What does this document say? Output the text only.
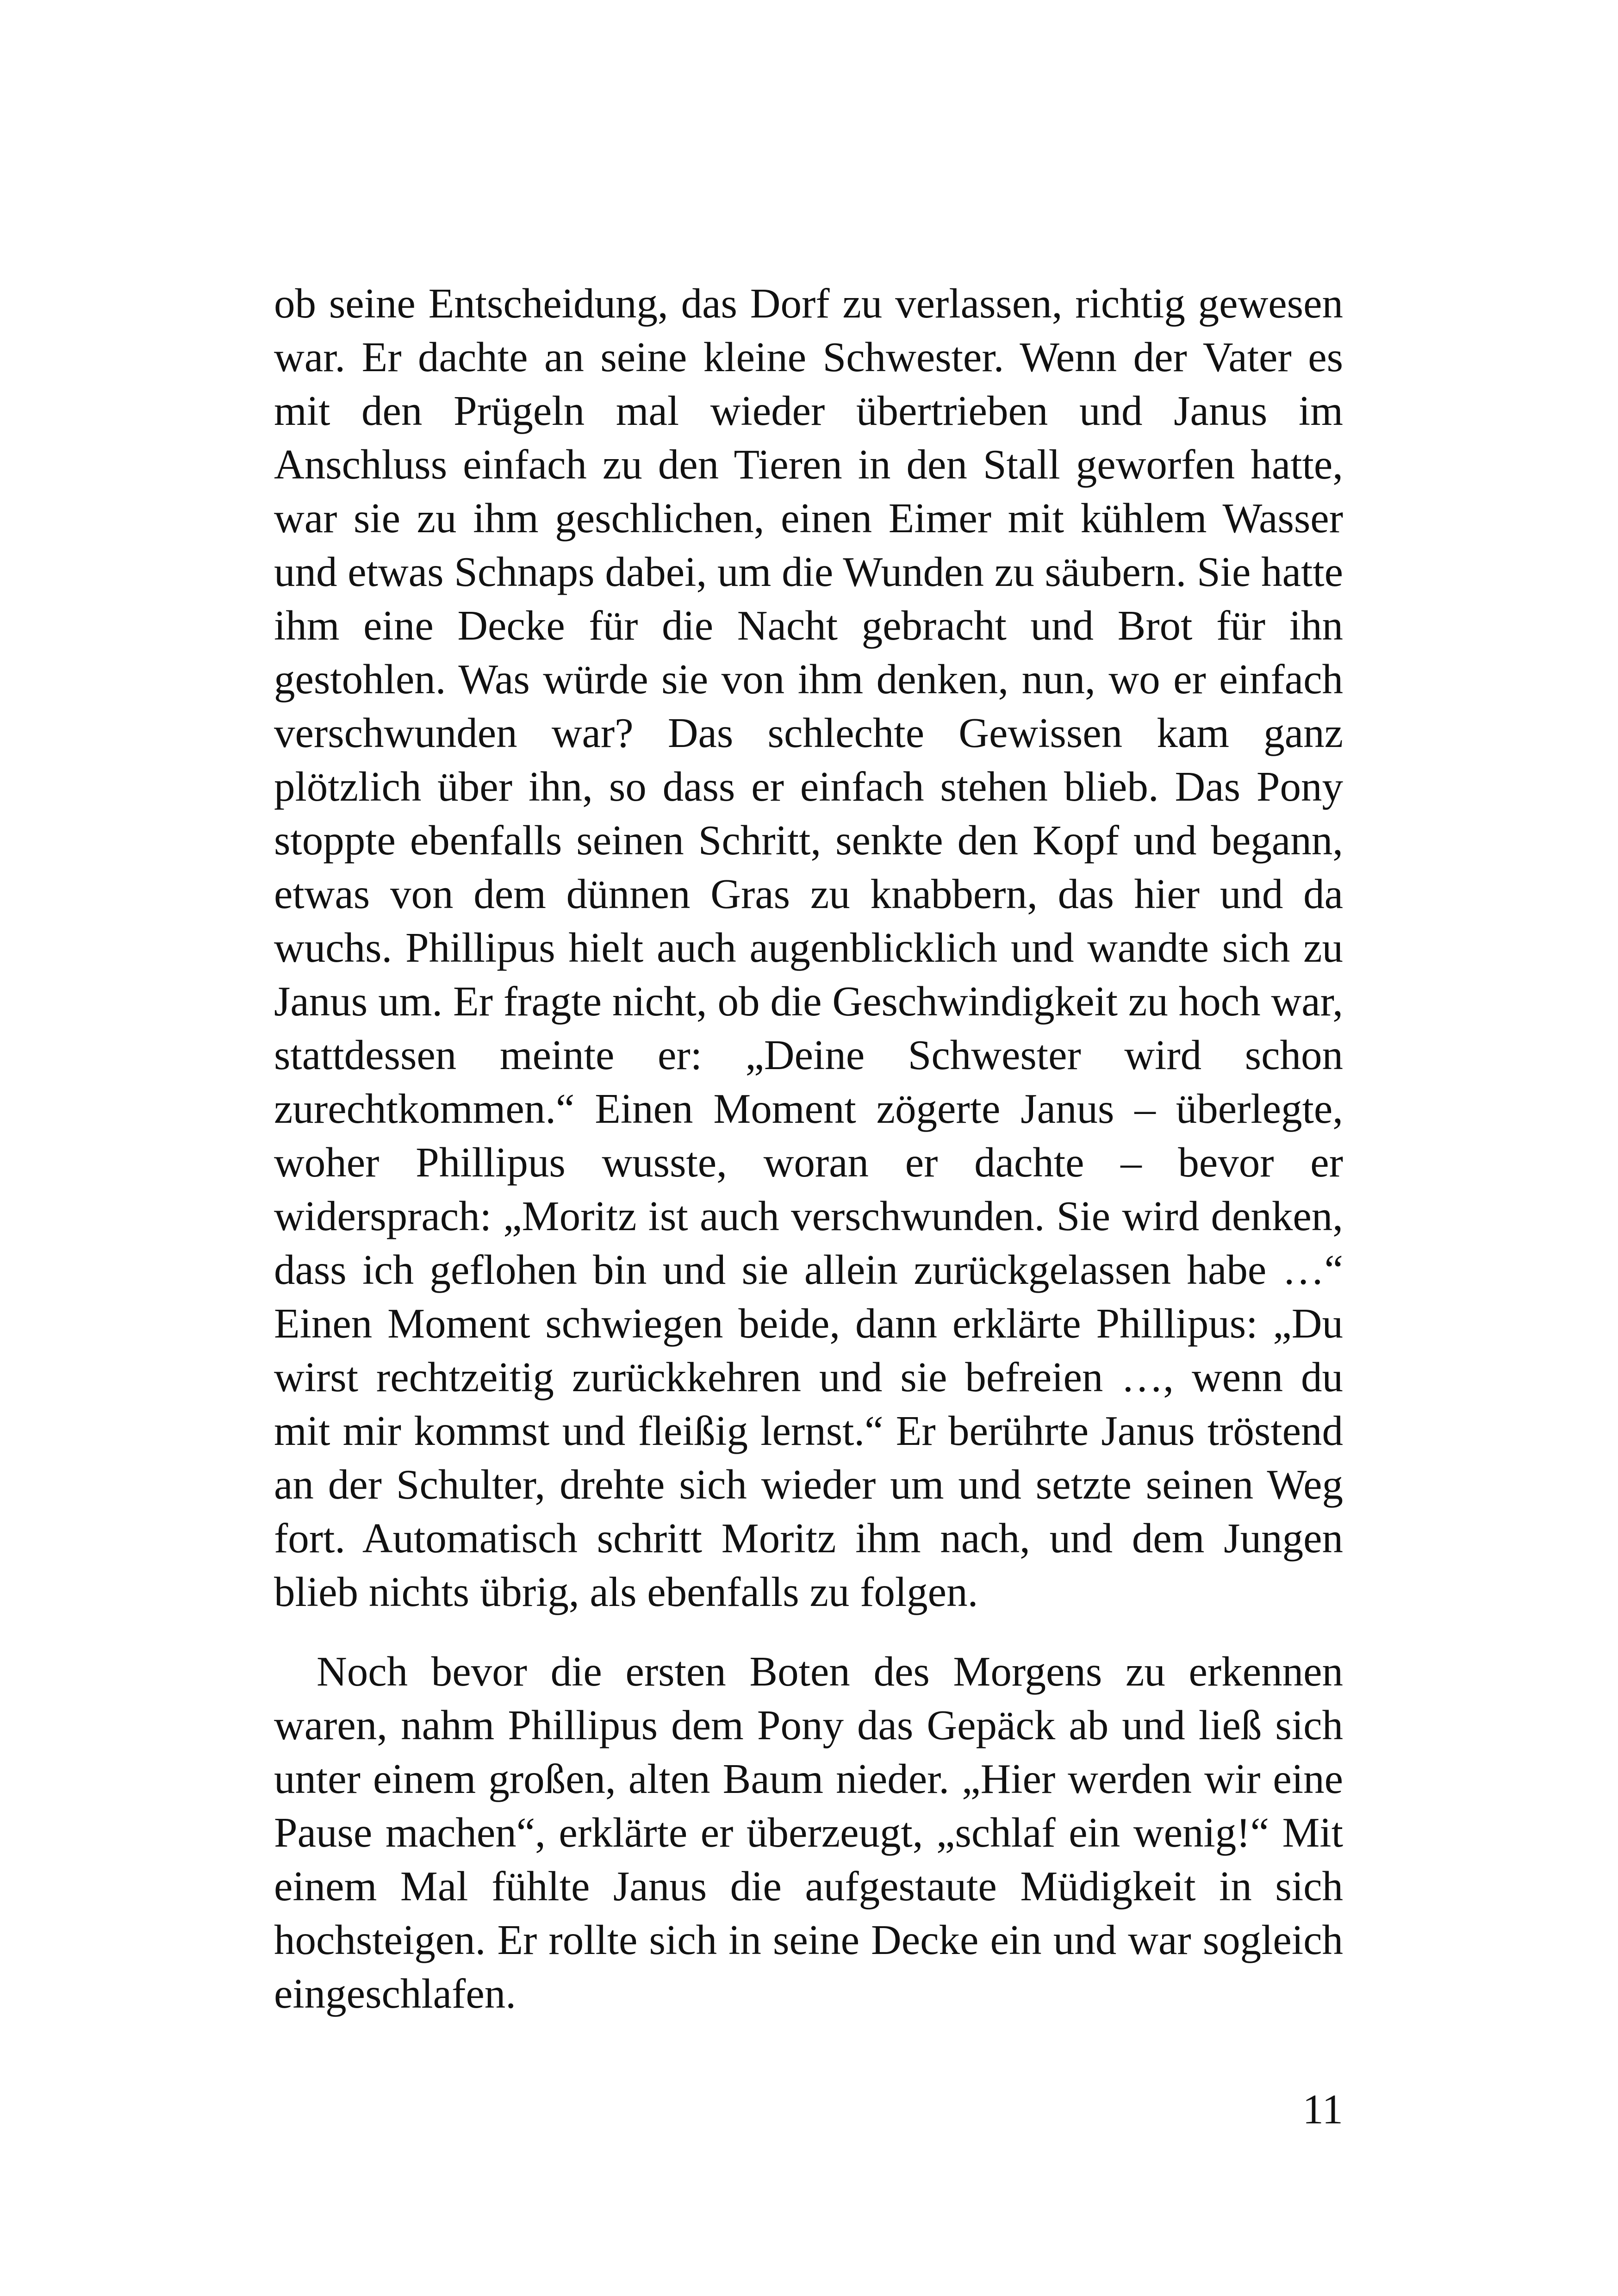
ob seine Entscheidung, das Dorf zu verlassen, richtig gewesen war. Er dachte an seine kleine Schwester. Wenn der Vater es mit den Prügeln mal wieder übertrieben und Janus im Anschluss einfach zu den Tieren in den Stall geworfen hatte, war sie zu ihm geschlichen, einen Eimer mit kühlem Wasser und etwas Schnaps dabei, um die Wunden zu säubern. Sie hatte ihm eine Decke für die Nacht gebracht und Brot für ihn gestohlen. Was würde sie von ihm denken, nun, wo er einfach verschwunden war? Das schlechte Gewissen kam ganz plötzlich über ihn, so dass er einfach stehen blieb. Das Pony stoppte ebenfalls seinen Schritt, senkte den Kopf und begann, etwas von dem dünnen Gras zu knabbern, das hier und da wuchs. Phillipus hielt auch augenblicklich und wandte sich zu Janus um. Er fragte nicht, ob die Geschwindigkeit zu hoch war, stattdessen meinte er: „Deine Schwester wird schon zurechtkommen.“ Einen Moment zögerte Janus – überlegte, woher Phillipus wusste, woran er dachte – bevor er widersprach: „Moritz ist auch verschwunden. Sie wird denken, dass ich geflohen bin und sie allein zurückgelassen habe …“ Einen Moment schwiegen beide, dann erklärte Phillipus: „Du wirst rechtzeitig zurückkehren und sie befreien …, wenn du mit mir kommst und fleißig lernst.“ Er berührte Janus tröstend an der Schulter, drehte sich wieder um und setzte seinen Weg fort. Automatisch schritt Moritz ihm nach, und dem Jungen blieb nichts übrig, als ebenfalls zu folgen.

Noch bevor die ersten Boten des Morgens zu erkennen waren, nahm Phillipus dem Pony das Gepäck ab und ließ sich unter einem großen, alten Baum nieder. „Hier werden wir eine Pause machen“, erklärte er überzeugt, „schlaf ein wenig!“ Mit einem Mal fühlte Janus die aufgestaute Müdigkeit in sich hochsteigen. Er rollte sich in seine Decke ein und war sogleich eingeschlafen.

11
